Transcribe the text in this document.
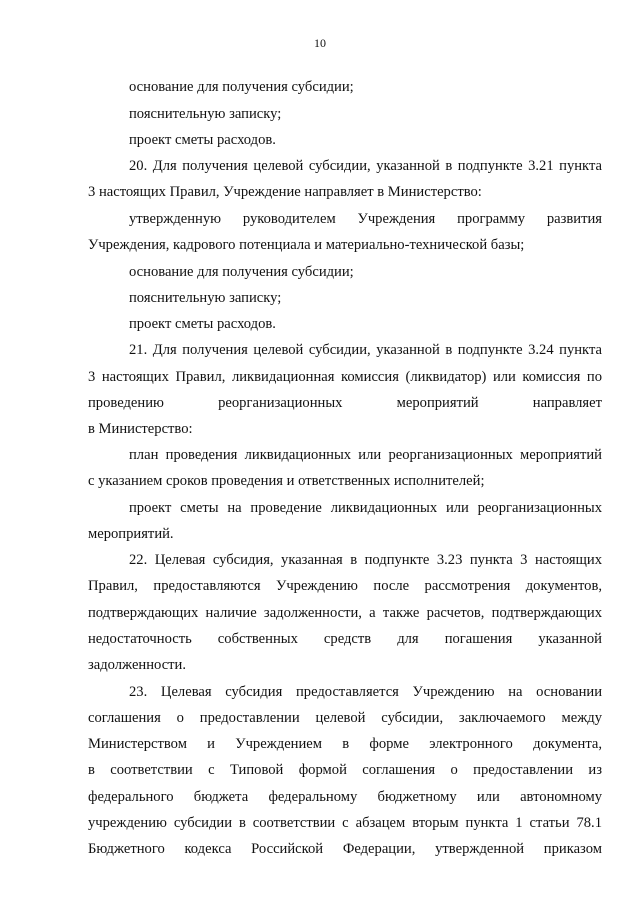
10
основание для получения субсидии;
пояснительную записку;
проект сметы расходов.
20. Для получения целевой субсидии, указанной в подпункте 3.21 пункта
3 настоящих Правил, Учреждение направляет в Министерство:
утвержденную руководителем Учреждения программу развития
Учреждения, кадрового потенциала и материально-технической базы;
основание для получения субсидии;
пояснительную записку;
проект сметы расходов.
21. Для получения целевой субсидии, указанной в подпункте 3.24 пункта
3 настоящих Правил, ликвидационная комиссия (ликвидатор) или комиссия по
проведению реорганизационных мероприятий направляет
в Министерство:
план проведения ликвидационных или реорганизационных мероприятий
с указанием сроков проведения и ответственных исполнителей;
проект сметы на проведение ликвидационных или реорганизационных
мероприятий.
22. Целевая субсидия, указанная в подпункте 3.23 пункта 3 настоящих
Правил, предоставляются Учреждению после рассмотрения документов,
подтверждающих наличие задолженности, а также расчетов, подтверждающих
недостаточность собственных средств для погашения указанной
задолженности.
23. Целевая субсидия предоставляется Учреждению на основании
соглашения о предоставлении целевой субсидии, заключаемого между
Министерством и Учреждением в форме электронного документа,
в соответствии с Типовой формой соглашения о предоставлении из
федерального бюджета федеральному бюджетному или автономному
учреждению субсидии в соответствии с абзацем вторым пункта 1 статьи 78.1
Бюджетного кодекса Российской Федерации, утвержденной приказом
